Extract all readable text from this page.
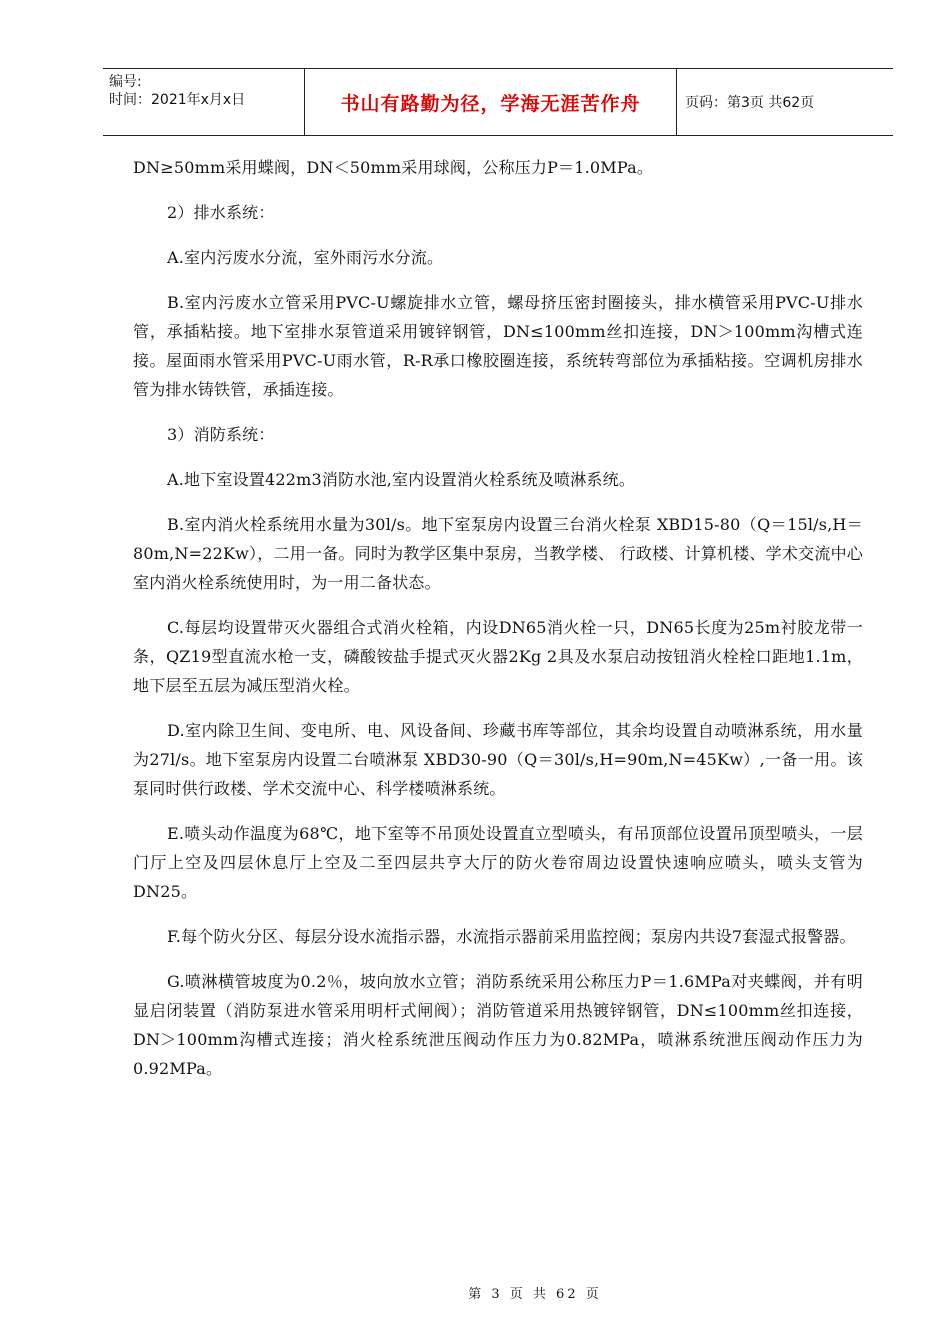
编号:
时间：2021年x月x日	书山有路勤为径，学海无涯苦作舟	页码：第3页 共62页

DN≥50mm采用蝶阀，DN＜50mm采用球阀，公称压力P＝1.0MPa。

2）排水系统：

A.室内污废水分流，室外雨污水分流。

B.室内污废水立管采用PVC-U螺旋排水立管，螺母挤压密封圈接头，排水横管采用PVC-U排水管，承插粘接。地下室排水泵管道采用镀锌钢管，DN≤100mm丝扣连接，DN＞100mm沟槽式连接。屋面雨水管采用PVC-U雨水管，R-R承口橡胶圈连接，系统转弯部位为承插粘接。空调机房排水管为排水铸铁管，承插连接。

3）消防系统：

A.地下室设置422m3消防水池,室内设置消火栓系统及喷淋系统。

B.室内消火栓系统用水量为30l/s。地下室泵房内设置三台消火栓泵 XBD15-80（Q＝15l/s,H＝80m,N=22Kw），二用一备。同时为教学区集中泵房，当教学楼、 行政楼、计算机楼、学术交流中心室内消火栓系统使用时，为一用二备状态。

C.每层均设置带灭火器组合式消火栓箱，内设DN65消火栓一只，DN65长度为25m衬胶龙带一条，QZ19型直流水枪一支，磷酸铵盐手提式灭火器2Kg 2具及水泵启动按钮消火栓栓口距地1.1m，地下层至五层为减压型消火栓。

D.室内除卫生间、变电所、电、风设备间、珍藏书库等部位，其余均设置自动喷淋系统，用水量为27l/s。地下室泵房内设置二台喷淋泵 XBD30-90（Q＝30l/s,H=90m,N=45Kw）,一备一用。该泵同时供行政楼、学术交流中心、科学楼喷淋系统。

E.喷头动作温度为68℃，地下室等不吊顶处设置直立型喷头，有吊顶部位设置吊顶型喷头，一层门厅上空及四层休息厅上空及二至四层共亨大厅的防火卷帘周边设置快速响应喷头，喷头支管为DN25。

F.每个防火分区、每层分设水流指示器，水流指示器前采用监控阀；泵房内共设7套湿式报警器。

G.喷淋横管坡度为0.2％，坡向放水立管；消防系统采用公称压力P＝1.6MPa对夹蝶阀，并有明显启闭装置（消防泵进水管采用明杆式闸阀）；消防管道采用热镀锌钢管，DN≤100mm丝扣连接，DN＞100mm沟槽式连接；消火栓系统泄压阀动作压力为0.82MPa，喷淋系统泄压阀动作压力为0.92MPa。

第 3 页 共 62 页
